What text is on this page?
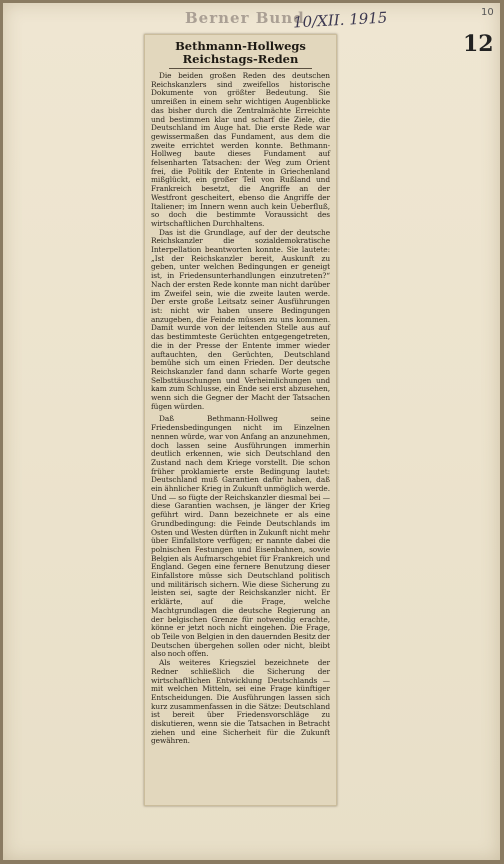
Berner Bund
10/XII. 1915	10
12
Bethmann-Hollwegs Reichstags-Reden

Die beiden großen Reden des deutschen Reichskanzlers sind zweifellos historische Dokumente von größter Bedeutung. Sie umreißen in einem sehr wichtigen Augenblicke das bisher durch die Zentralmächte Erreichte und bestimmen klar und scharf die Ziele, die Deutschland im Auge hat. Die erste Rede war gewissermaßen das Fundament, aus dem die zweite errichtet werden konnte. Bethmann-Hollweg baute dieses Fundament auf felsenharten Tatsachen: der Weg zum Orient frei, die Politik der Entente in Griechenland mißglückt, ein großer Teil von Rußland und Frankreich besetzt, die Angriffe an der Westfront gescheitert, ebenso die Angriffe der Italiener; im Innern wenn auch kein Ueberfluß, so doch die bestimmte Voraussicht des wirtschaftlichen Durchhaltens.

Das ist die Grundlage, auf der der deutsche Reichskanzler die sozialdemokratische Interpellation beantworten konnte. Sie lautete: „Ist der Reichskanzler bereit, Auskunft zu geben, unter welchen Bedingungen er geneigt ist, in Friedensunterhandlungen einzutreten?“ Nach der ersten Rede konnte man nicht darüber im Zweifel sein, wie die zweite lauten werde. Der erste große Leitsatz seiner Ausführungen ist: nicht wir haben unsere Bedingungen anzugeben, die Feinde müssen zu uns kommen. Damit wurde von der leitenden Stelle aus auf das bestimmteste Gerüchten entgegengetreten, die in der Presse der Entente immer wieder auftauchten, den Gerüchten, Deutschland bemühe sich um einen Frieden. Der deutsche Reichskanzler fand dann scharfe Worte gegen Selbsttäuschungen und Verheimlichungen und kam zum Schlusse, ein Ende sei erst abzusehen, wenn sich die Gegner der Macht der Tatsachen fügen würden.

Daß Bethmann-Hollweg seine Friedensbedingungen nicht im Einzelnen nennen würde, war von Anfang an anzunehmen, doch lassen seine Ausführungen immerhin deutlich erkennen, wie sich Deutschland den Zustand nach dem Kriege vorstellt. Die schon früher proklamierte erste Bedingung lautet: Deutschland muß Garantien dafür haben, daß ein ähnlicher Krieg in Zukunft unmöglich werde. Und — so fügte der Reichskanzler diesmal bei — diese Garantien wachsen, je länger der Krieg geführt wird. Dann bezeichnete er als eine Grundbedingung: die Feinde Deutschlands im Osten und Westen dürften in Zukunft nicht mehr über Einfallstore verfügen; er nannte dabei die polnischen Festungen und Eisenbahnen, sowie Belgien als Aufmarschgebiet für Frankreich und England. Gegen eine fernere Benutzung dieser Einfallstore müsse sich Deutschland politisch und militärisch sichern. Wie diese Sicherung zu leisten sei, sagte der Reichskanzler nicht. Er erklärte, auf die Frage, welche Machtgrundlagen die deutsche Regierung an der belgischen Grenze für notwendig erachte, könne er jetzt noch nicht eingehen. Die Frage, ob Teile von Belgien in den dauernden Besitz der Deutschen übergehen sollen oder nicht, bleibt also noch offen.

Als weiteres Kriegsziel bezeichnete der Redner schließlich die Sicherung der wirtschaftlichen Entwicklung Deutschlands — mit welchen Mitteln, sei eine Frage künftiger Entscheidungen. Die Ausführungen lassen sich kurz zusammenfassen in die Sätze: Deutschland ist bereit über Friedensvorschläge zu diskutieren, wenn sie die Tatsachen in Betracht ziehen und eine Sicherheit für die Zukunft gewähren.
